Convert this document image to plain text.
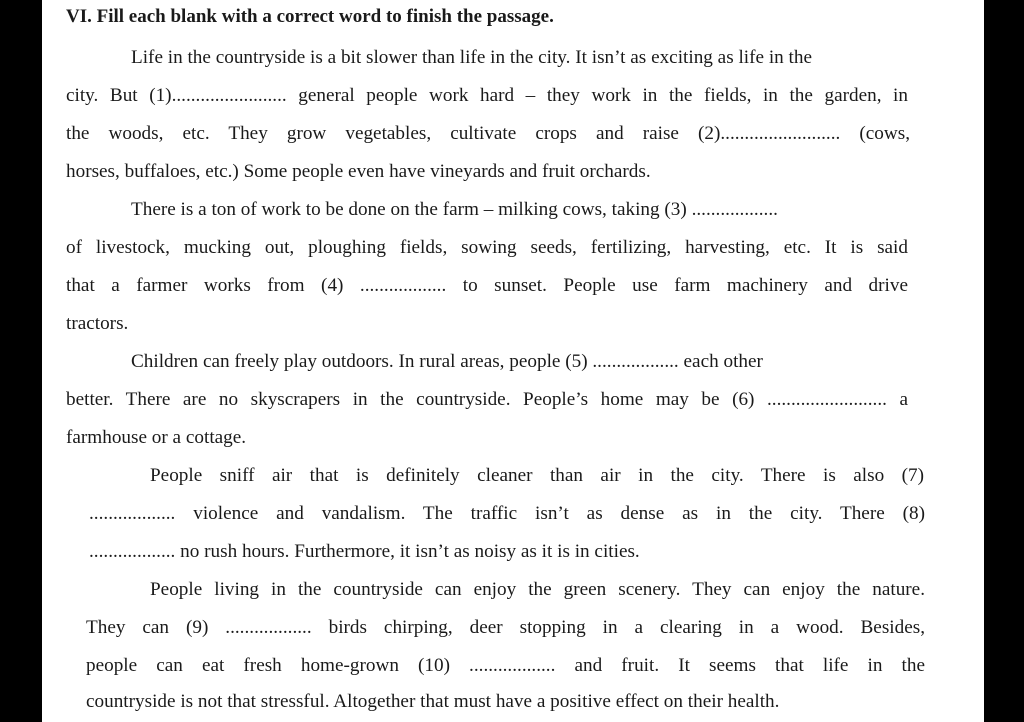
VI. Fill each blank with a correct word to finish the passage.
Life in the countryside is a bit slower than life in the city. It isn’t as exciting as life in the
city. But (1)........................ general people work hard – they work in the fields, in the garden, in
the woods, etc. They grow vegetables, cultivate crops and raise (2)......................... (cows,
horses, buffaloes, etc.) Some people even have vineyards and fruit orchards.
There is a ton of work to be done on the farm – milking cows, taking (3) ..................
of livestock, mucking out, ploughing fields, sowing seeds, fertilizing, harvesting, etc. It is said
that a farmer works from (4) .................. to sunset. People use farm machinery and drive
tractors.
Children can freely play outdoors. In rural areas, people (5) .................. each other
better. There are no skyscrapers in the countryside. People’s home may be (6) ......................... a
farmhouse or a cottage.
People sniff air that is definitely cleaner than air in the city. There is also (7)
.................. violence and vandalism. The traffic isn’t as dense as in the city. There (8)
.................. no rush hours. Furthermore, it isn’t as noisy as it is in cities.
People living in the countryside can enjoy the green scenery. They can enjoy the nature.
They can (9) .................. birds chirping, deer stopping in a clearing in a wood. Besides,
people can eat fresh home-grown (10) .................. and fruit. It seems that life in the
countryside is not that stressful. Altogether that must have a positive effect on their health.
